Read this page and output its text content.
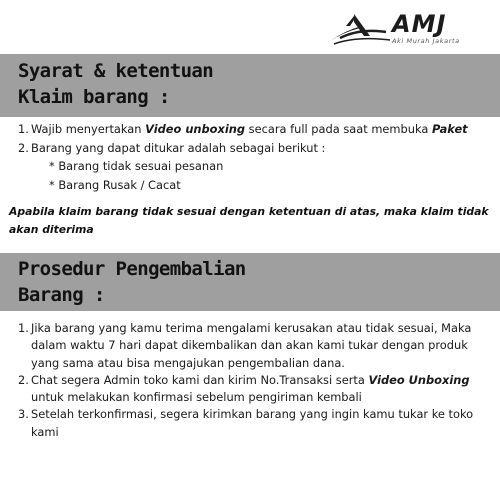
AMJ
Aki Murah Jakarta
Syarat & ketentuan
Klaim barang :
1. Wajib menyertakan Video unboxing secara full pada saat membuka Paket
2. Barang yang dapat ditukar adalah sebagai berikut :
* Barang tidak sesuai pesanan
* Barang Rusak / Cacat

Apabila klaim barang tidak sesuai dengan ketentuan di atas, maka klaim tidak akan diterima

Prosedur Pengembalian
Barang :
1. Jika barang yang kamu terima mengalami kerusakan atau tidak sesuai, Maka dalam waktu 7 hari dapat dikembalikan dan akan kami tukar dengan produk yang sama atau bisa mengajukan pengembalian dana.
2. Chat segera Admin toko kami dan kirim No.Transaksi serta Video Unboxing untuk melakukan konfirmasi sebelum pengiriman kembali
3. Setelah terkonfirmasi, segera kirimkan barang yang ingin kamu tukar ke toko kami
